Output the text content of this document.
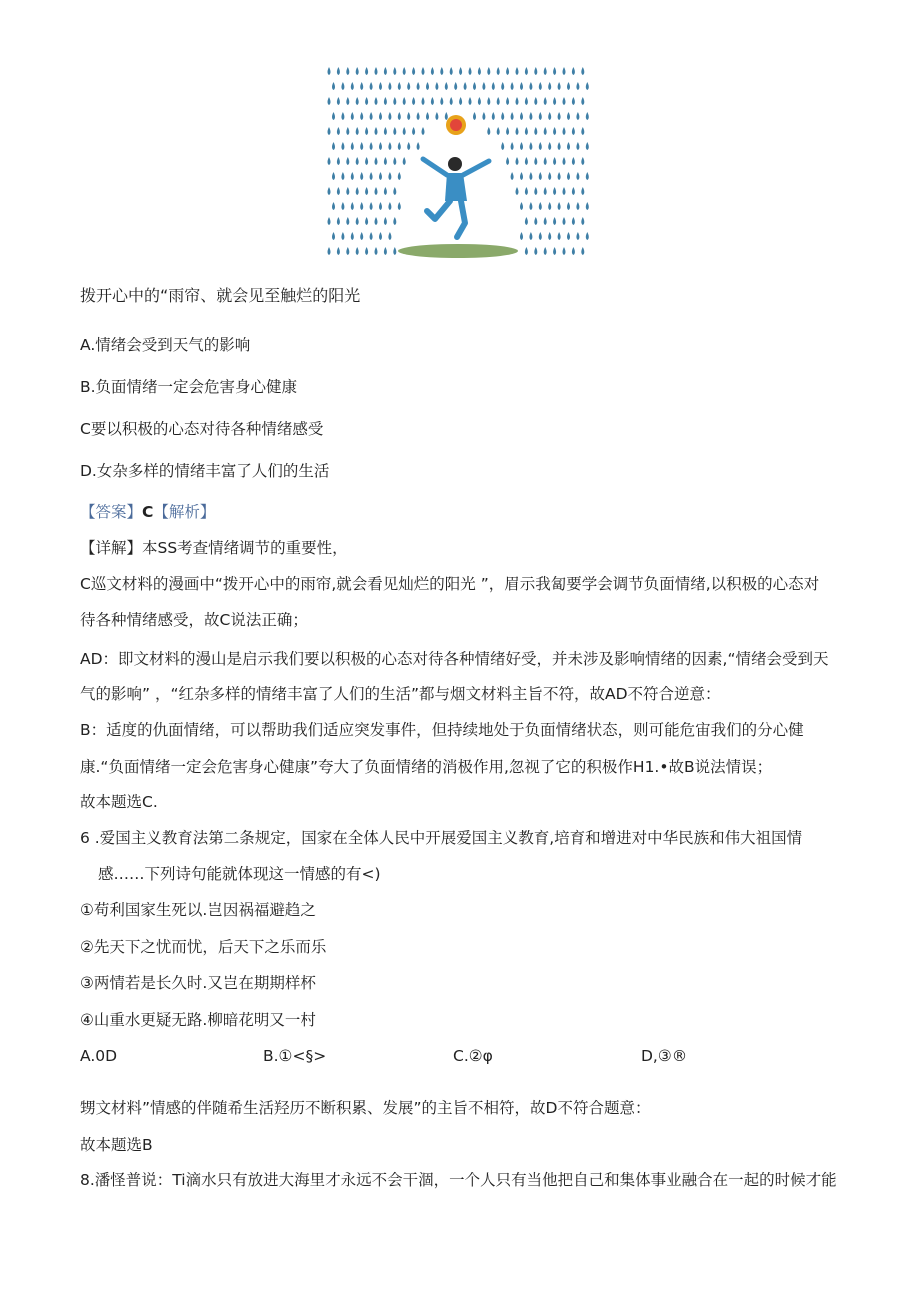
拨开心中的“雨帘、就会见至触烂的阳光
A.情绪会受到天气的影响
B.负面情绪一定会危害身心健康
C要以积极的心态对待各种情绪感受
D.女杂多样的情绪丰富了人们的生活
【答案】C【解析】
【详解】本SS考查情绪调节的重要性，
C巡文材料的漫画中“拨开心中的雨帘,就会看见灿烂的阳光 ”，眉示我匐要学会调节负面情绪,以积极的心态对
待各种情绪感受，故C说法正确；
AD：即文材料的漫山是启示我们要以积极的心态对待各种情绪好受，并未涉及影响情绪的因素,“情绪会受到天
气的影响” ，“红杂多样的情绪丰富了人们的生活”都与烟文材料主旨不符，故AD不符合逆意：
B：适度的仇面情绪，可以帮助我们适应突发事件，但持续地处于负面情绪状态，则可能危宙我们的分心健
康.“负面情绪一定会危害身心健康”夸大了负面情绪的消极作用,忽视了它的积极作H1.•故B说法情误；
故本题选C.
6 .爱国主义教育法第二条规定，国家在全体人民中开展爱国主义教育,培育和增进对中华民族和伟大祖国情
感……下列诗句能就体现这一情感的有<)
①苟利国家生死以.岂因祸福避趋之
②先天下之忧而忧，后天下之乐而乐
③两情若是长久时.又岂在期期样杯
④山重水更疑无路.柳暗花明又一村
A.0D	B.①<§>	C.②φ	D,③®
甥文材料”情感的伴随希生活羟历不断积累、发展”的主旨不相符，故D不符合题意：
故本题选B
8.潘怪普说：Ti滴水只有放进大海里才永远不会干涸，一个人只有当他把自己和集体事业融合在一起的时候才能
